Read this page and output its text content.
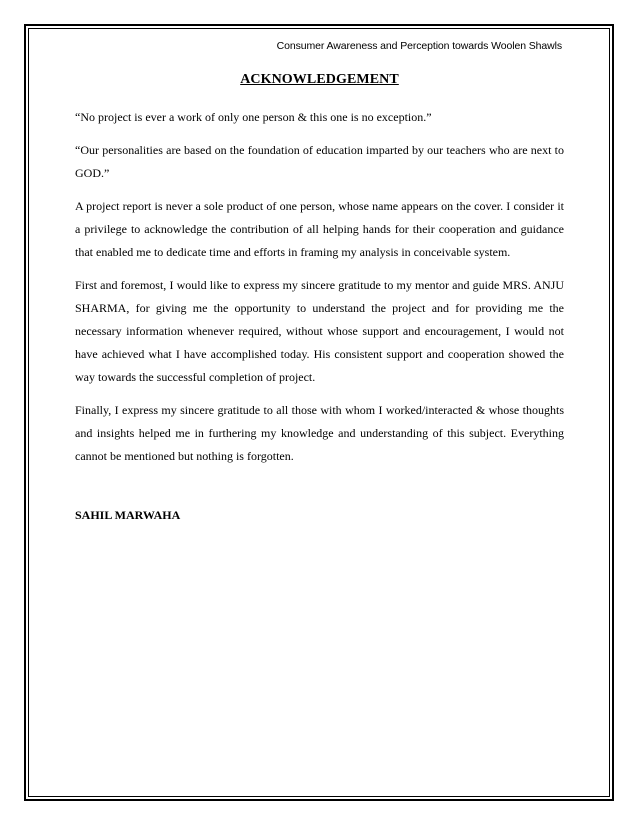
Consumer Awareness and Perception towards Woolen Shawls
ACKNOWLEDGEMENT

“No project is ever a work of only one person & this one is no exception.”

“Our personalities are based on the foundation of education imparted by our teachers who are next to GOD.”

A project report is never a sole product of one person, whose name appears on the cover. I consider it a privilege to acknowledge the contribution of all helping hands for their cooperation and guidance that enabled me to dedicate time and efforts in framing my analysis in conceivable system.

First and foremost, I would like to express my sincere gratitude to my mentor and guide MRS. ANJU SHARMA, for giving me the opportunity to understand the project and for providing me the necessary information whenever required, without whose support and encouragement, I would not have achieved what I have accomplished today. His consistent support and cooperation showed the way towards the successful completion of project.

Finally, I express my sincere gratitude to all those with whom I worked/interacted & whose thoughts and insights helped me in furthering my knowledge and understanding of this subject. Everything cannot be mentioned but nothing is forgotten.

SAHIL MARWAHA
